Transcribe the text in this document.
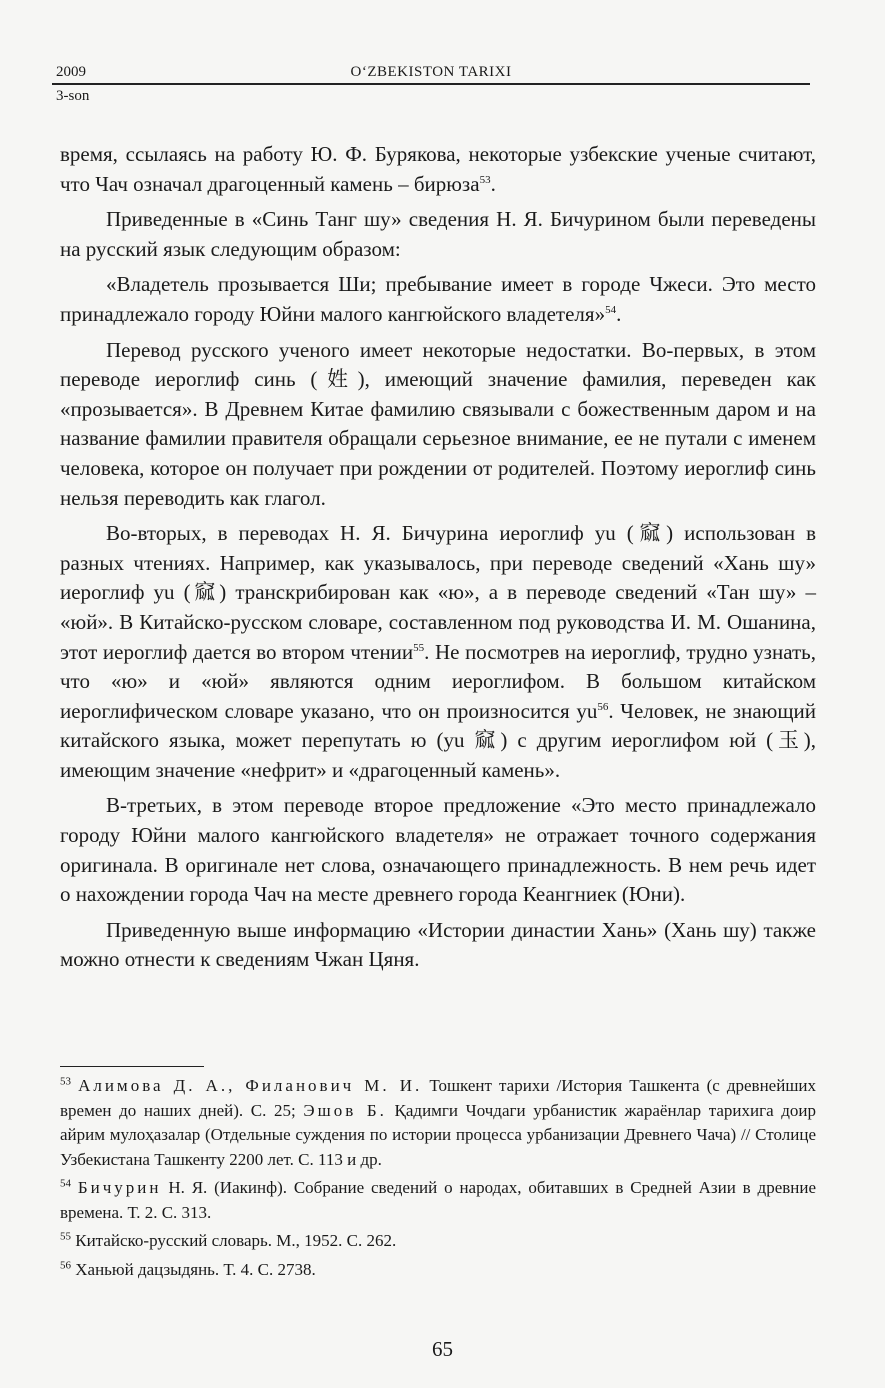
2009	O‘ZBEKISTON TARIXI
3-son

время, ссылаясь на работу Ю. Ф. Бурякова, некоторые узбекские ученые считают, что Чач означал драгоценный камень – бирюза$^{53}$.

Приведенные в «Синь Танг шу» сведения Н. Я. Бичурином были переведены на русский язык следующим образом:

«Владетель прозывается Ши; пребывание имеет в городе Чжеси. Это место принадлежало городу Юйни малого кангюйского владетеля»$^{54}$.

Перевод русского ученого имеет некоторые недостатки. Во-первых, в этом переводе иероглиф синь (姓), имеющий значение фамилия, переведен как «прозывается». В Древнем Китае фамилию связывали с божественным даром и на название фамилии правителя обращали серьезное внимание, ее не путали с именем человека, которое он получает при рождении от родителей. Поэтому иероглиф синь нельзя переводить как глагол.

Во-вторых, в переводах Н. Я. Бичурина иероглиф yu (窳) использован в разных чтениях. Например, как указывалось, при переводе сведений «Хань шу» иероглиф yu (窳) транскрибирован как «ю», а в переводе сведений «Тан шу» – «юй». В Китайско-русском словаре, составленном под руководства И. М. Ошанина, этот иероглиф дается во втором чтении$^{55}$. Не посмотрев на иероглиф, трудно узнать, что «ю» и «юй» являются одним иероглифом. В большом китайском иероглифическом словаре указано, что он произносится $yu^{56}$. Человек, не знающий китайского языка, может перепутать ю (yu 窳) с другим иероглифом юй (玉), имеющим значение «нефрит» и «драгоценный камень».

В-третьих, в этом переводе второе предложение «Это место принадлежало городу Юйни малого кангюйского владетеля» не отражает точного содержания оригинала. В оригинале нет слова, означающего принадлежность. В нем речь идет о нахождении города Чач на месте древнего города Кеангниек (Юни).

Приведенную выше информацию «Истории династии Хань» (Хань шу) также можно отнести к сведениям Чжан Цяня.

$^{53}$ Алимова Д. А., Филанович М. И. Тошкент тарихи /История Ташкента (с древнейших времен до наших дней). С. 25; Эшов Б. Қадимги Чочдаги урбанистик жараёнлар тарихига доир айрим мулоҳазалар (Отдельные суждения по истории процесса урбанизации Древнего Чача) // Столице Узбекистана Ташкенту 2200 лет. С. 113 и др.

$^{54}$ Бичурин Н. Я. (Иакинф). Собрание сведений о народах, обитавших в Средней Азии в древние времена. Т. 2. С. 313.

$^{55}$ Китайско-русский словарь. М., 1952. С. 262.

$^{56}$ Ханьюй дацзыдянь. Т. 4. С. 2738.

65
